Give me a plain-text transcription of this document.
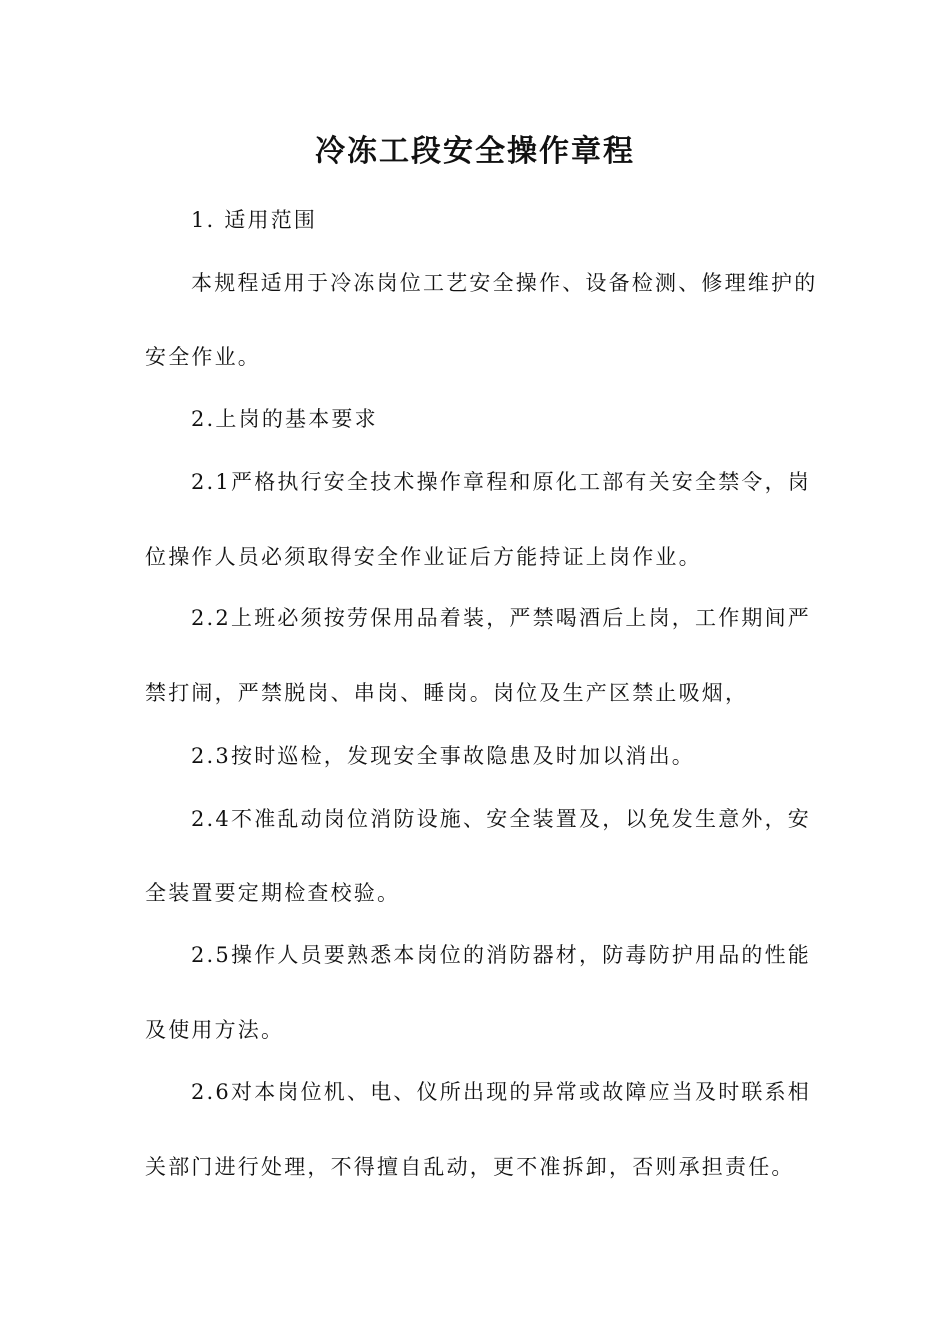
冷冻工段安全操作章程

1. 适用范围

本规程适用于冷冻岗位工艺安全操作、设备检测、修理维护的

安全作业。

2.上岗的基本要求

2.1严格执行安全技术操作章程和原化工部有关安全禁令，岗

位操作人员必须取得安全作业证后方能持证上岗作业。

2.2上班必须按劳保用品着装，严禁喝酒后上岗，工作期间严

禁打闹，严禁脱岗、串岗、睡岗。岗位及生产区禁止吸烟，

2.3按时巡检，发现安全事故隐患及时加以消出。

2.4不准乱动岗位消防设施、安全装置及，以免发生意外，安

全装置要定期检查校验。

2.5操作人员要熟悉本岗位的消防器材，防毒防护用品的性能

及使用方法。

2.6对本岗位机、电、仪所出现的异常或故障应当及时联系相

关部门进行处理，不得擅自乱动，更不准拆卸，否则承担责任。
